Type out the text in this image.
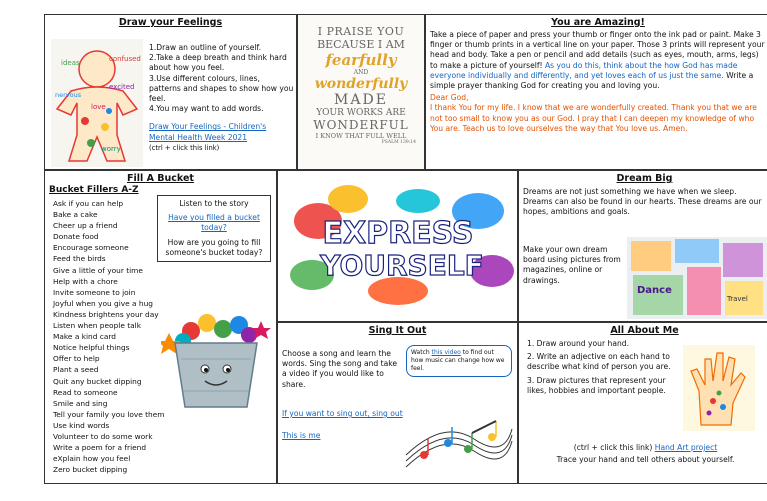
Draw your Feelings
ideas	confused
excited
nervous
love
worry
1.Draw an outline of yourself.
2.Take a deep breath and think hard about how you feel.
3.Use different colours, lines, patterns and shapes to show how you feel.
4.You may want to add words.
Draw Your Feelings - Children's Mental Health Week 2021
(ctrl + click this link)
I PRAISE YOU
BECAUSE I AM
fearfully
AND
wonderfully
MADE
YOUR WORKS ARE
WONDERFUL
I KNOW THAT FULL WELL
PSALM 139:14
You are Amazing!
Take a piece of paper and press your thumb or finger onto the ink pad or paint. Make 3 finger or thumb prints in a vertical line on your paper. Those 3 prints will represent your head and body. Take a pen or pencil and add details (such as eyes, mouth, arms, legs) to make a picture of yourself! As you do this, think about the how God has made everyone individually and differently, and yet loves each of us just the same. Write a simple prayer thanking God for creating you and loving you.
Dear God,
I thank You for my life. I know that we are wonderfully created. Thank you that we are not too small to know you as our God. I pray that I can deepen my knowledge of who You are. Teach us to love ourselves the way that You love us. Amen.
Fill A Bucket
Bucket Fillers A-Z
Ask if you can help
Bake a cake
Cheer up a friend
Donate food
Encourage someone
Feed the birds
Give a little of your time
Help with a chore
Invite someone to join
Joyful when you give a hug
Kindness brightens your day
Listen when people talk
Make a kind card
Notice helpful things
Offer to help
Plant a seed
Quit any bucket dipping
Read to someone
Smile and sing
Tell your family you love them
Use kind words
Volunteer to do some work
Write a poem for a friend
eXplain how you feel
Zero bucket dipping
Listen to the story
Have you filled a bucket today?
How are you going to fill someone's bucket today?
EXPRESS
YOURSELF
Dream Big
Dreams are not just something we have when we sleep. Dreams can also be found in our hearts. These dreams are our hopes, ambitions and goals.
Make your own dream board using pictures from magazines, online or drawings.
Dance
Travel
Sing It Out
Choose a song and learn the words. Sing the song and take a video if you would like to share.
Watch this video to find out how music can change how we feel.
If you want to sing out, sing out
This is me
All About Me
1. Draw around your hand.
2. Write an adjective on each hand to describe what kind of person you are.
3. Draw pictures that represent your likes, hobbies and important people.
(ctrl + click this link) Hand Art project
Trace your hand and tell others about yourself.
